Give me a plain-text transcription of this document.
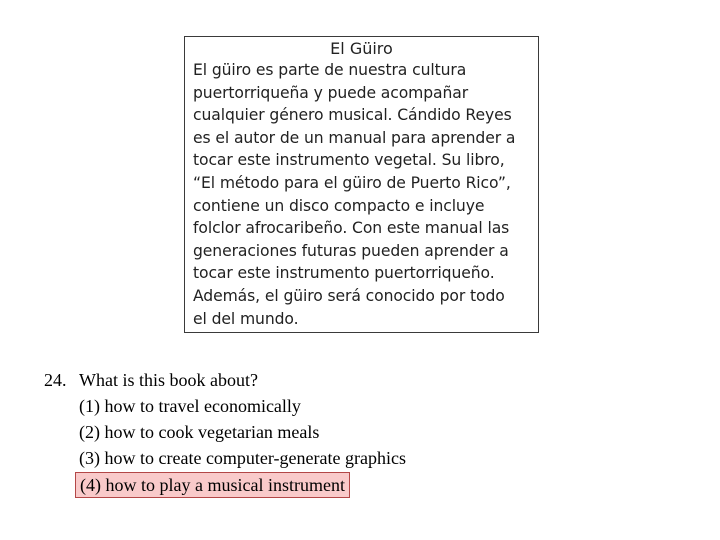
El Güiro
El güiro es parte de nuestra cultura
puertorriqueña y puede acompañar
cualquier género musical. Cándido Reyes
es el autor de un manual para aprender a
tocar este instrumento vegetal. Su libro,
“El método para el güiro de Puerto Rico”,
contiene un disco compacto e incluye
folclor afrocaribeño. Con este manual las
generaciones futuras pueden aprender a
tocar este instrumento puertorriqueño.
Además, el güiro será conocido por todo
el del mundo.
24. What is this book about?
(1) how to travel economically
(2) how to cook vegetarian meals
(3) how to create computer-generate graphics
(4) how to play a musical instrument
